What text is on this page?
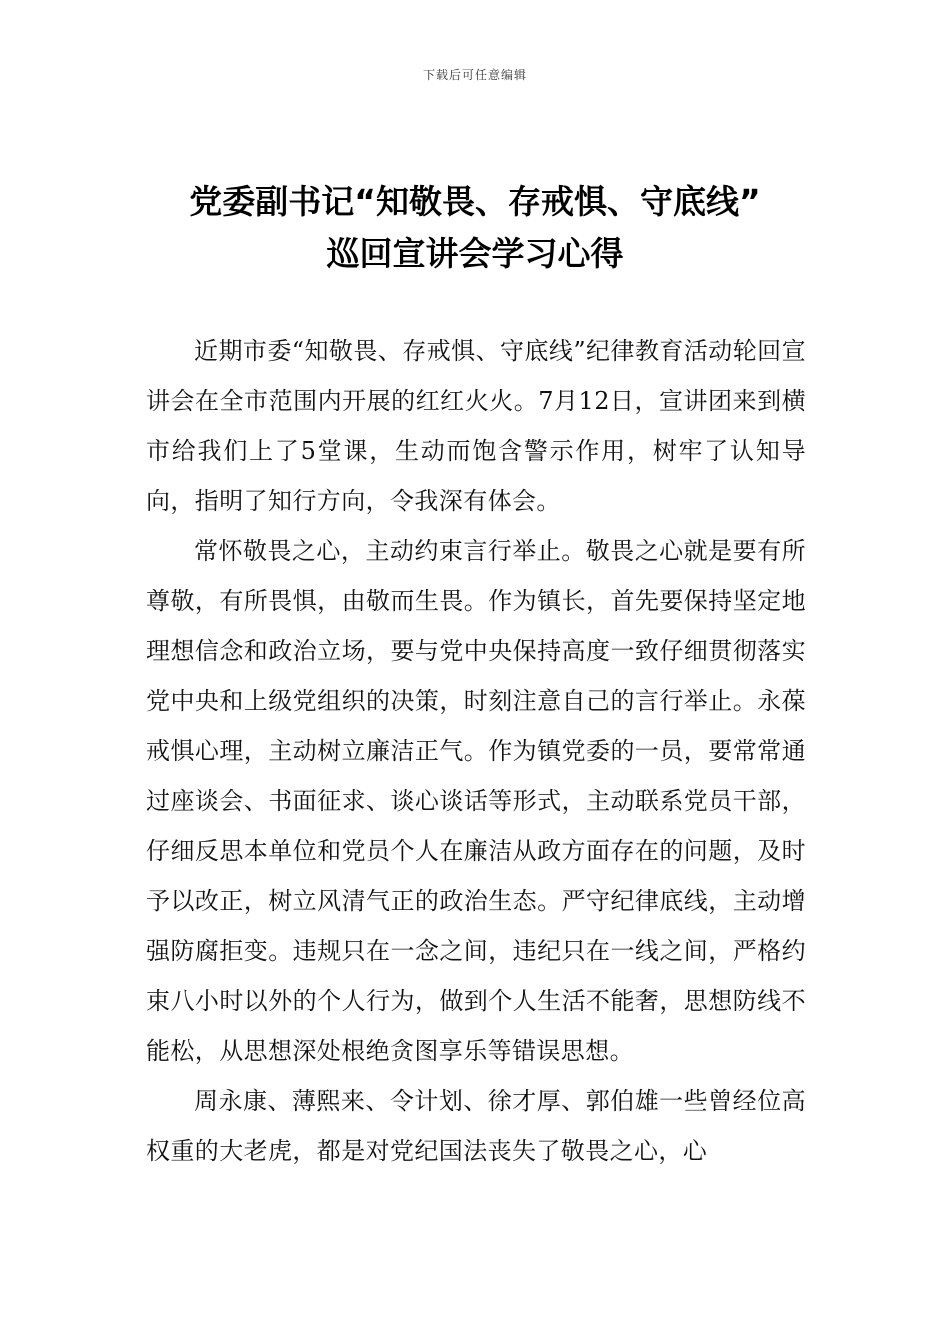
下载后可任意编辑
党委副书记“知敬畏、存戒惧、守底线”
巡回宣讲会学习心得

近期市委“知敬畏、存戒惧、守底线”纪律教育活动轮回宣讲会在全市范围内开展的红红火火。7月12日，宣讲团来到横市给我们上了5堂课，生动而饱含警示作用，树牢了认知导向，指明了知行方向，令我深有体会。

常怀敬畏之心，主动约束言行举止。敬畏之心就是要有所尊敬，有所畏惧，由敬而生畏。作为镇长，首先要保持坚定地理想信念和政治立场，要与党中央保持高度一致仔细贯彻落实党中央和上级党组织的决策，时刻注意自己的言行举止。永葆戒惧心理，主动树立廉洁正气。作为镇党委的一员，要常常通过座谈会、书面征求、谈心谈话等形式，主动联系党员干部，仔细反思本单位和党员个人在廉洁从政方面存在的问题，及时予以改正，树立风清气正的政治生态。严守纪律底线，主动增强防腐拒变。违规只在一念之间，违纪只在一线之间，严格约束八小时以外的个人行为，做到个人生活不能奢，思想防线不能松，从思想深处根绝贪图享乐等错误思想。

周永康、薄熙来、令计划、徐才厚、郭伯雄一些曾经位高权重的大老虎，都是对党纪国法丧失了敬畏之心，心
